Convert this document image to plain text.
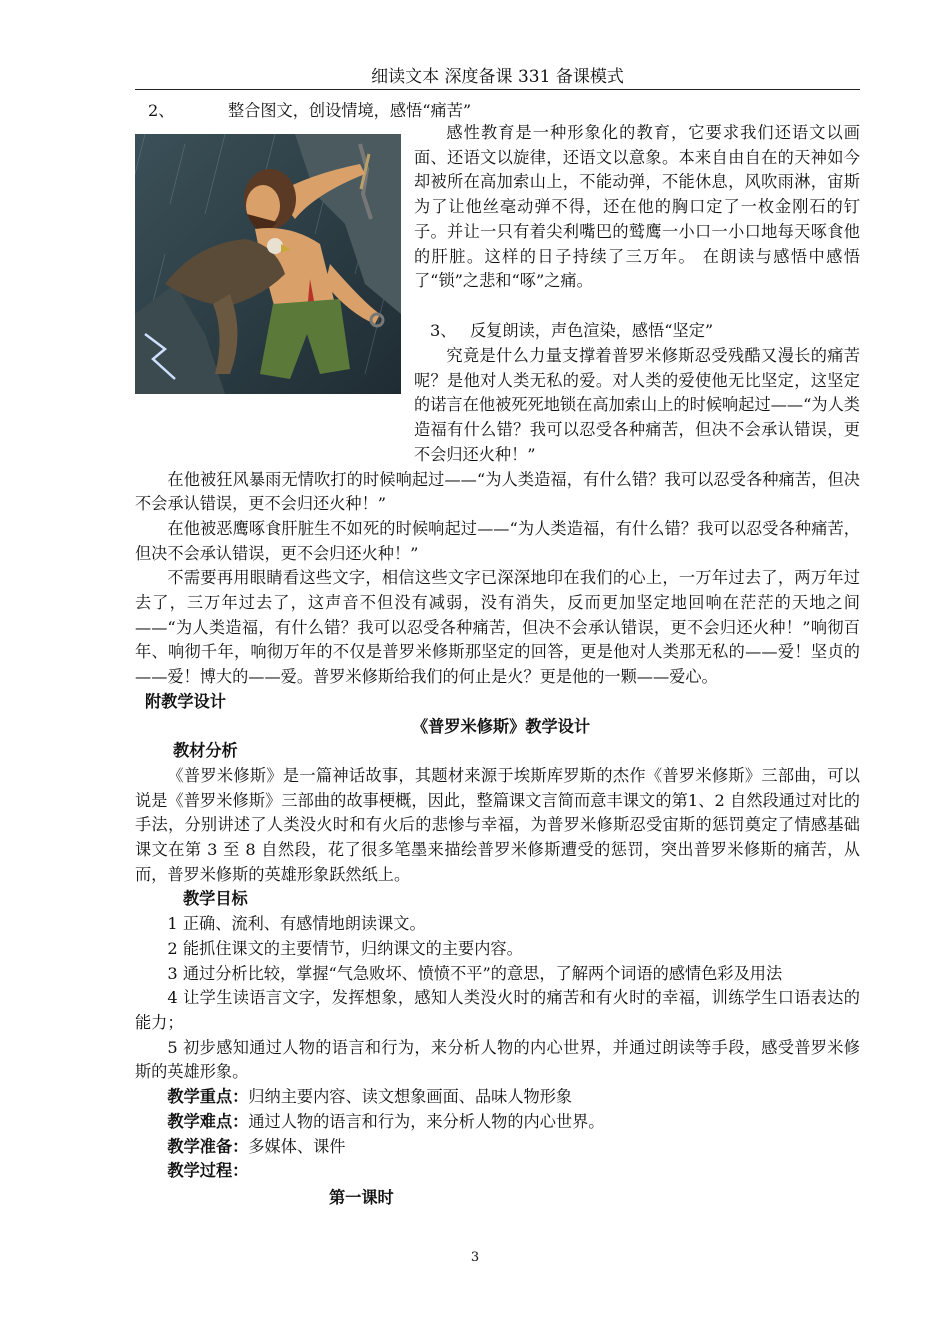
细读文本 深度备课 331 备课模式
2、	整合图文，创设情境，感悟“痛苦”

感性教育是一种形象化的教育，它要求我们还语文以画面、还语文以旋律，还语文以意象。本来自由自在的天神如今却被所在高加索山上，不能动弹，不能休息，风吹雨淋，宙斯为了让他丝毫动弹不得，还在他的胸口定了一枚金刚石的钉子。并让一只有着尖利嘴巴的鹫鹰一小口一小口地每天啄食他的肝脏。这样的日子持续了三万年。 在朗读与感悟中感悟了“锁”之悲和“啄”之痛。

3、 反复朗读，声色渲染，感悟“坚定”

究竟是什么力量支撑着普罗米修斯忍受残酷又漫长的痛苦呢？是他对人类无私的爱。对人类的爱使他无比坚定，这坚定的诺言在他被死死地锁在高加索山上的时候响起过——“为人类造福有什么错？我可以忍受各种痛苦，但决不会承认错误，更不会归还火种！”

在他被狂风暴雨无情吹打的时候响起过——“为人类造福，有什么错？我可以忍受各种痛苦，但决不会承认错误，更不会归还火种！”

在他被恶鹰啄食肝脏生不如死的时候响起过——“为人类造福，有什么错？我可以忍受各种痛苦，但决不会承认错误，更不会归还火种！”

不需要再用眼睛看这些文字，相信这些文字已深深地印在我们的心上，一万年过去了，两万年过去了，三万年过去了，这声音不但没有减弱，没有消失，反而更加坚定地回响在茫茫的天地之间——“为人类造福，有什么错？我可以忍受各种痛苦，但决不会承认错误，更不会归还火种！”响彻百年、响彻千年，响彻万年的不仅是普罗米修斯那坚定的回答，更是他对人类那无私的——爱！坚贞的——爱！博大的——爱。普罗米修斯给我们的何止是火？更是他的一颗——爱心。

附教学设计

《普罗米修斯》教学设计

教材分析

《普罗米修斯》是一篇神话故事，其题材来源于埃斯库罗斯的杰作《普罗米修斯》三部曲，可以说是《普罗米修斯》三部曲的故事梗概，因此，整篇课文言简而意丰课文的第1、2 自然段通过对比的手法，分别讲述了人类没火时和有火后的悲惨与幸福，为普罗米修斯忍受宙斯的惩罚奠定了情感基础课文在第 3 至 8 自然段，花了很多笔墨来描绘普罗米修斯遭受的惩罚，突出普罗米修斯的痛苦，从而，普罗米修斯的英雄形象跃然纸上。

教学目标

1 正确、流利、有感情地朗读课文。

2 能抓住课文的主要情节，归纳课文的主要内容。

3 通过分析比较，掌握“气急败坏、愤愤不平”的意思，了解两个词语的感情色彩及用法

4 让学生读语言文字，发挥想象，感知人类没火时的痛苦和有火时的幸福，训练学生口语表达的能力；

5 初步感知通过人物的语言和行为，来分析人物的内心世界，并通过朗读等手段，感受普罗米修斯的英雄形象。

教学重点：归纳主要内容、读文想象画面、品味人物形象

教学难点：通过人物的语言和行为，来分析人物的内心世界。

教学准备：多媒体、课件

教学过程：

第一课时

3
